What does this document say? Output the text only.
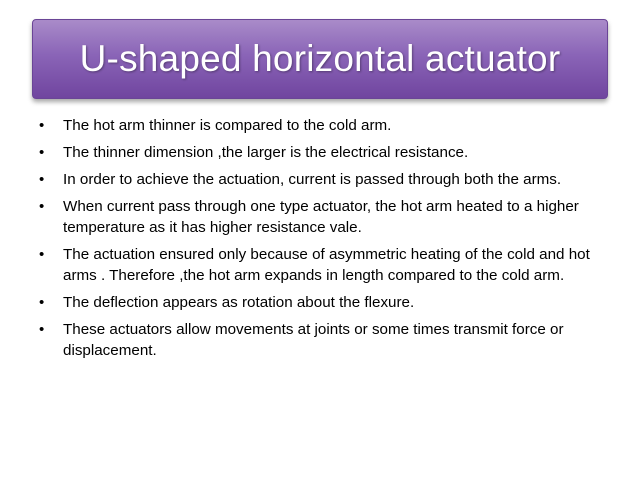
U-shaped horizontal actuator
•	The hot arm thinner is compared to the cold arm.
•	The thinner dimension ,the larger is the electrical resistance.
•	In order to achieve the actuation, current is passed through both the arms.
•	When current pass through one type actuator, the hot arm heated to a higher temperature as it has higher resistance vale.
•	The actuation ensured only because of asymmetric heating of the cold and hot arms . Therefore ,the hot arm expands in length compared to the cold arm.
•	The deflection appears as rotation about the flexure.
•	These actuators allow movements at joints or some times transmit force or displacement.
